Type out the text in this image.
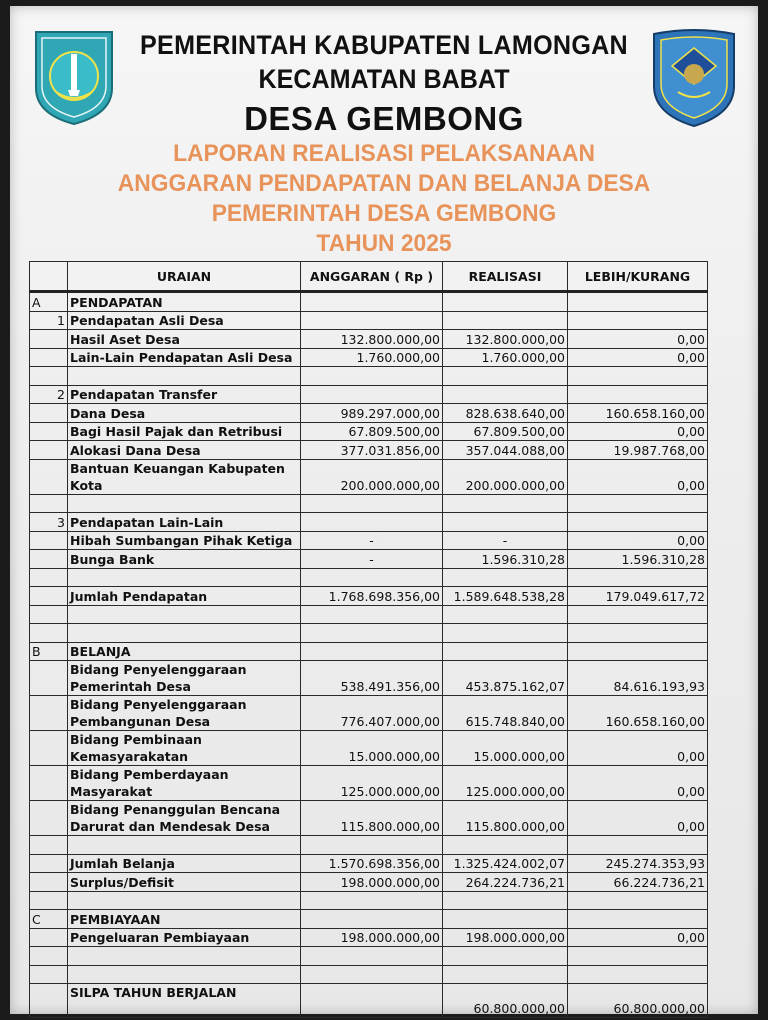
PEMERINTAH KABUPATEN LAMONGAN
KECAMATAN BABAT
DESA GEMBONG
LAPORAN REALISASI PELAKSANAAN
ANGGARAN PENDAPATAN DAN BELANJA DESA
PEMERINTAH DESA GEMBONG
TAHUN 2025
	URAIAN	ANGGARAN ( Rp )	REALISASI	LEBIH/KURANG
A	PENDAPATAN			
1	Pendapatan Asli Desa			
	Hasil Aset Desa	132.800.000,00	132.800.000,00	0,00
	Lain-Lain Pendapatan Asli Desa	1.760.000,00	1.760.000,00	0,00

2	Pendapatan Transfer			
	Dana Desa	989.297.000,00	828.638.640,00	160.658.160,00
	Bagi Hasil Pajak dan Retribusi	67.809.500,00	67.809.500,00	0,00
	Alokasi Dana Desa	377.031.856,00	357.044.088,00	19.987.768,00

	Bantuan Keuangan Kabupaten
Kota	200.000.000,00	200.000.000,00	0,00

3	Pendapatan Lain-Lain			
	Hibah Sumbangan Pihak Ketiga	-	-	0,00
	Bunga Bank	-	1.596.310,28	1.596.310,28

	Jumlah Pendapatan	1.768.698.356,00	1.589.648.538,28	179.049.617,72

B	BELANJA			

	Bidang Penyelenggaraan
Pemerintah Desa	538.491.356,00	453.875.162,07	84.616.193,93

	Bidang Penyelenggaraan
Pembangunan Desa	776.407.000,00	615.748.840,00	160.658.160,00

	Bidang Pembinaan
Kemasyarakatan	15.000.000,00	15.000.000,00	0,00
	Bidang Pemberdayaan Masyarakat	125.000.000,00	125.000.000,00	0,00

	Bidang Penanggulan Bencana
Darurat dan Mendesak Desa	115.800.000,00	115.800.000,00	0,00

	Jumlah Belanja	1.570.698.356,00	1.325.424.002,07	245.274.353,93
	Surplus/Defisit	198.000.000,00	264.224.736,21	66.224.736,21

C	PEMBIAYAAN			
	Pengeluaran Pembiayaan	198.000.000,00	198.000.000,00	0,00

	SILPA TAHUN BERJALAN		60.800.000,00	60.800.000,00
